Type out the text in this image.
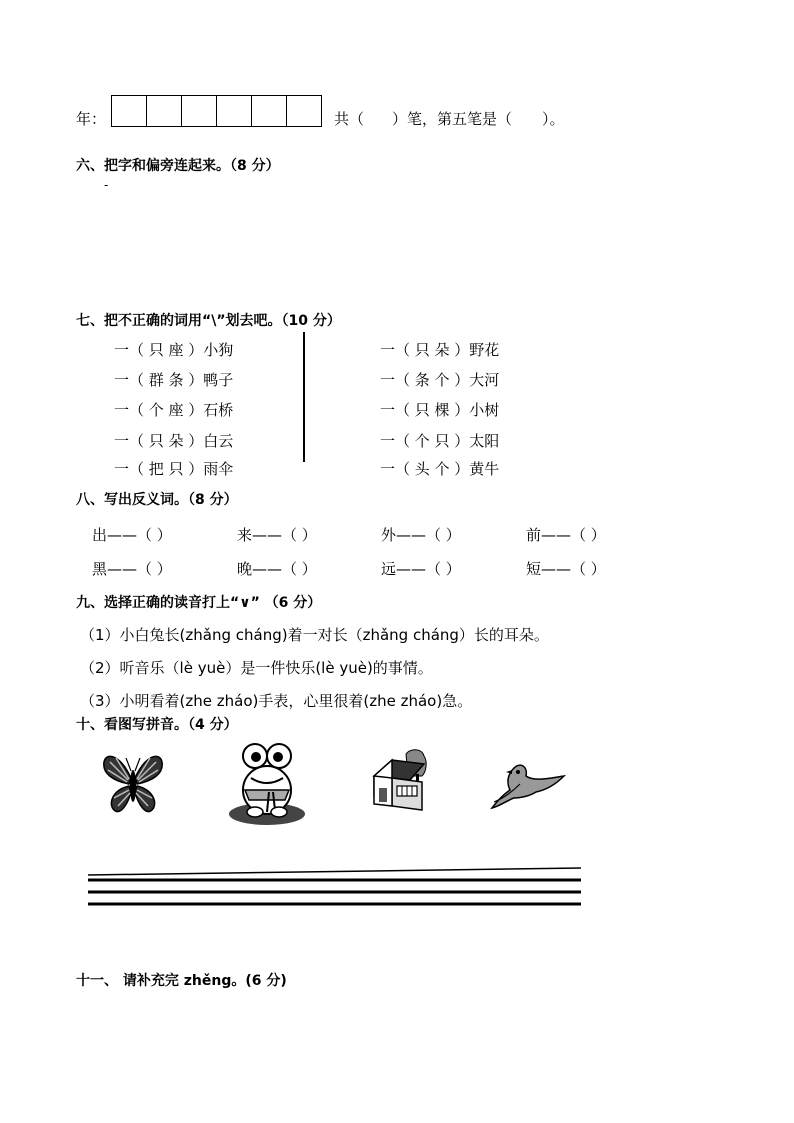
年：	共（ ）笔，第五笔是（ ）。
六、把字和偏旁连起来。（8 分）
-
七、把不正确的词用“\”划去吧。（10 分）
一（ 只 座 ）小狗
一（ 群 条 ）鸭子
一（ 个 座 ）石桥
一（ 只 朵 ）白云
一（ 把 只 ）雨伞
一（ 只 朵 ）野花
一（ 条 个 ）大河
一（ 只 棵 ）小树
一（ 个 只 ）太阳
一（ 头 个 ）黄牛
八、写出反义词。（8 分）
出——（ ）	来——（ ）	外——（ ）	前——（ ）
黑——（ ）	晚——（ ）	远——（ ）	短——（ ）
九、选择正确的读音打上“∨” （6 分）
（1）小白兔长(zhǎng cháng)着一对长（zhǎng cháng）长的耳朵。
（2）听音乐（lè yuè）是一件快乐(lè yuè)的事情。
（3）小明看着(zhe zháo)手表，心里很着(zhe zháo)急。
十、看图写拼音。（4 分）
十一、 请补充完 zhěng。(6 分)
